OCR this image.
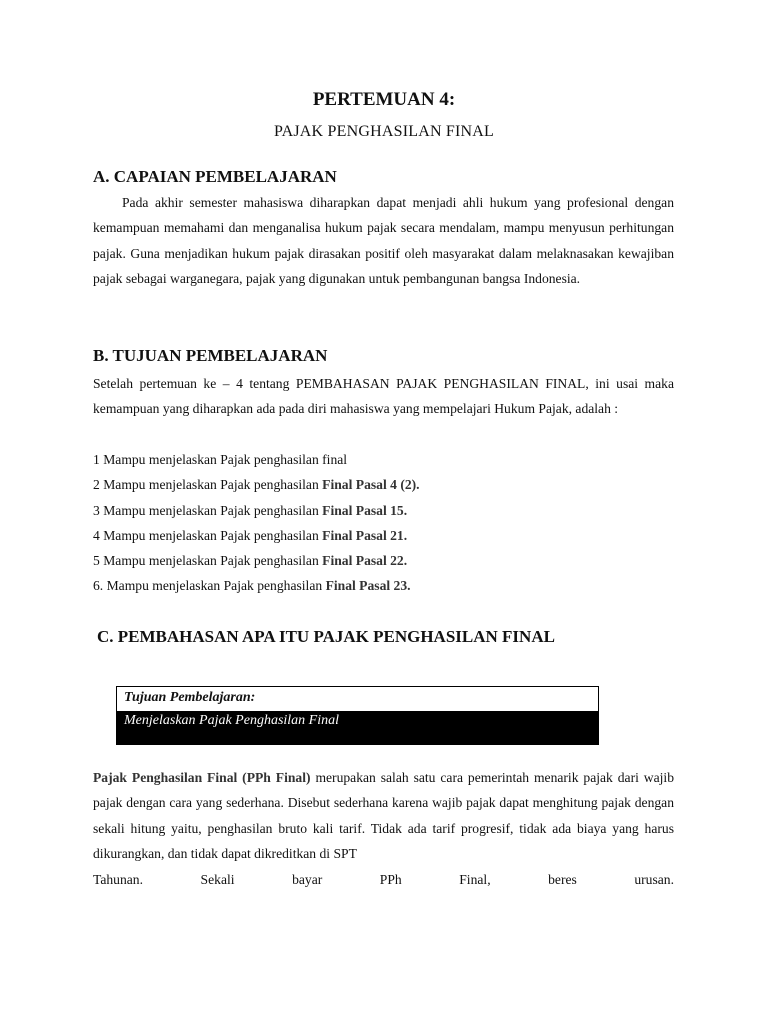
PERTEMUAN 4:
PAJAK PENGHASILAN FINAL
A. CAPAIAN PEMBELAJARAN
Pada akhir semester mahasiswa diharapkan dapat menjadi ahli hukum yang profesional dengan kemampuan memahami dan menganalisa hukum pajak secara mendalam, mampu menyusun perhitungan pajak. Guna menjadikan hukum pajak dirasakan positif oleh masyarakat dalam melaknasakan kewajiban pajak sebagai warganegara, pajak yang digunakan untuk pembangunan bangsa Indonesia.
B. TUJUAN PEMBELAJARAN
Setelah pertemuan ke – 4 tentang PEMBAHASAN PAJAK PENGHASILAN FINAL, ini usai maka kemampuan yang diharapkan ada pada diri mahasiswa yang mempelajari Hukum Pajak, adalah :
1 Mampu menjelaskan Pajak penghasilan final
2 Mampu menjelaskan Pajak penghasilan Final Pasal 4 (2).
3 Mampu menjelaskan Pajak penghasilan Final Pasal 15.
4 Mampu menjelaskan Pajak penghasilan Final Pasal 21.
5 Mampu menjelaskan Pajak penghasilan Final Pasal 22.
6. Mampu menjelaskan Pajak penghasilan Final Pasal 23.
C. PEMBAHASAN APA ITU PAJAK PENGHASILAN FINAL
Tujuan Pembelajaran:
Menjelaskan Pajak Penghasilan Final
Pajak Penghasilan Final (PPh Final) merupakan salah satu cara pemerintah menarik pajak dari wajib pajak dengan cara yang sederhana. Disebut sederhana karena wajib pajak dapat menghitung pajak dengan sekali hitung yaitu, penghasilan bruto kali tarif. Tidak ada tarif progresif, tidak ada biaya yang harus dikurangkan, dan tidak dapat dikreditkan di SPT
Tahunan.	Sekali	bayar	PPh	Final,	beres	urusan.
